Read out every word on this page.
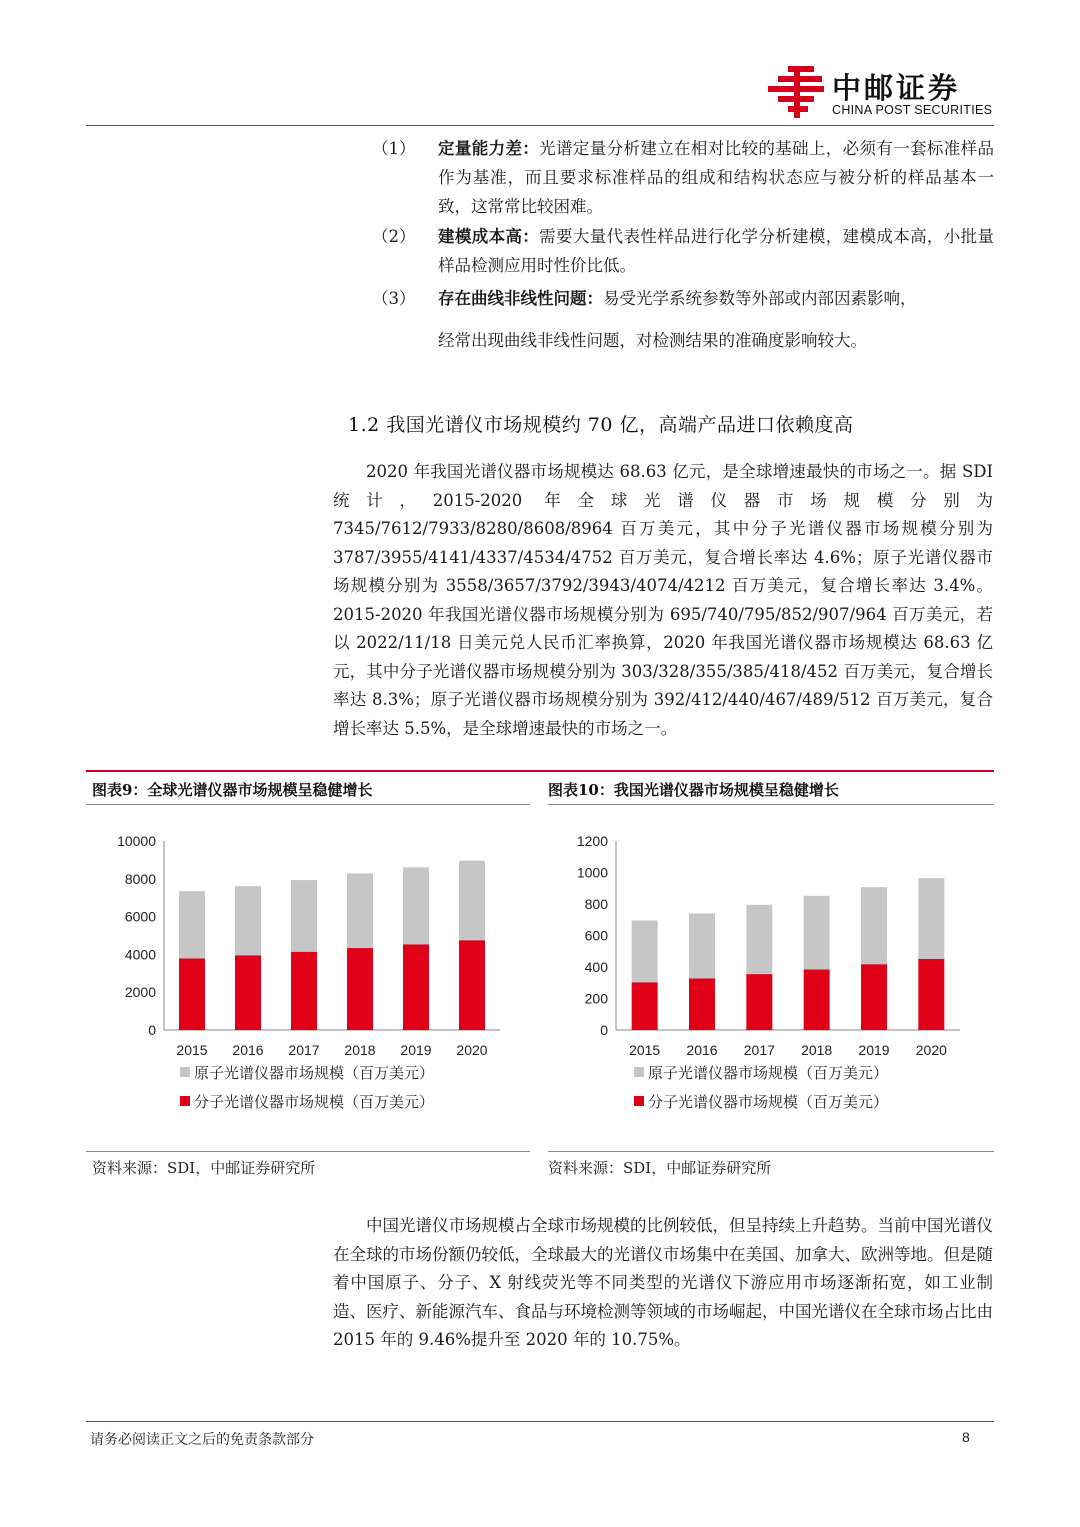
中邮证券
CHINA POST SECURITIES
（1）	定量能力差：光谱定量分析建立在相对比较的基础上，必须有一套标准样品作为基准，而且要求标准样品的组成和结构状态应与被分析的样品基本一致，这常常比较困难。
（2）	建模成本高：需要大量代表性样品进行化学分析建模，建模成本高，小批量样品检测应用时性价比低。
（3）	存在曲线非线性问题：易受光学系统参数等外部或内部因素影响，
经常出现曲线非线性问题，对检测结果的准确度影响较大。
1.2 我国光谱仪市场规模约 70 亿，高端产品进口依赖度高

2020 年我国光谱仪器市场规模达 68.63 亿元，是全球增速最快的市场之一。据 SDI 统计，2015-2020 年全球光谱仪器市场规模分别为 7345/7612/7933/8280/8608/8964 百万美元，其中分子光谱仪器市场规模分别为 3787/3955/4141/4337/4534/4752 百万美元，复合增长率达 4.6%；原子光谱仪器市场规模分别为 3558/3657/3792/3943/4074/4212 百万美元，复合增长率达 3.4%。2015-2020 年我国光谱仪器市场规模分别为 695/740/795/852/907/964 百万美元，若以 2022/11/18 日美元兑人民币汇率换算，2020 年我国光谱仪器市场规模达 68.63 亿元，其中分子光谱仪器市场规模分别为 303/328/355/385/418/452 百万美元，复合增长率达 8.3%；原子光谱仪器市场规模分别为 392/412/440/467/489/512 百万美元，复合增长率达 5.5%，是全球增速最快的市场之一。

图表9：全球光谱仪器市场规模呈稳健增长	图表10：我国光谱仪器市场规模呈稳健增长
0
2000
4000
6000
8000
10000
2015 2016 2017 2018 2019 2020
原子光谱仪器市场规模（百万美元）
分子光谱仪器市场规模（百万美元）
0
200
400
600
800
1000
1200
2015 2016 2017 2018 2019 2020
原子光谱仪器市场规模（百万美元）
分子光谱仪器市场规模（百万美元）
资料来源：SDI，中邮证券研究所	资料来源：SDI，中邮证券研究所

中国光谱仪市场规模占全球市场规模的比例较低，但呈持续上升趋势。当前中国光谱仪在全球的市场份额仍较低，全球最大的光谱仪市场集中在美国、加拿大、欧洲等地。但是随着中国原子、分子、X 射线荧光等不同类型的光谱仪下游应用市场逐渐拓宽，如工业制造、医疗、新能源汽车、食品与环境检测等领域的市场崛起，中国光谱仪在全球市场占比由 2015 年的 9.46%提升至 2020 年的 10.75%。

请务必阅读正文之后的免责条款部分	8
